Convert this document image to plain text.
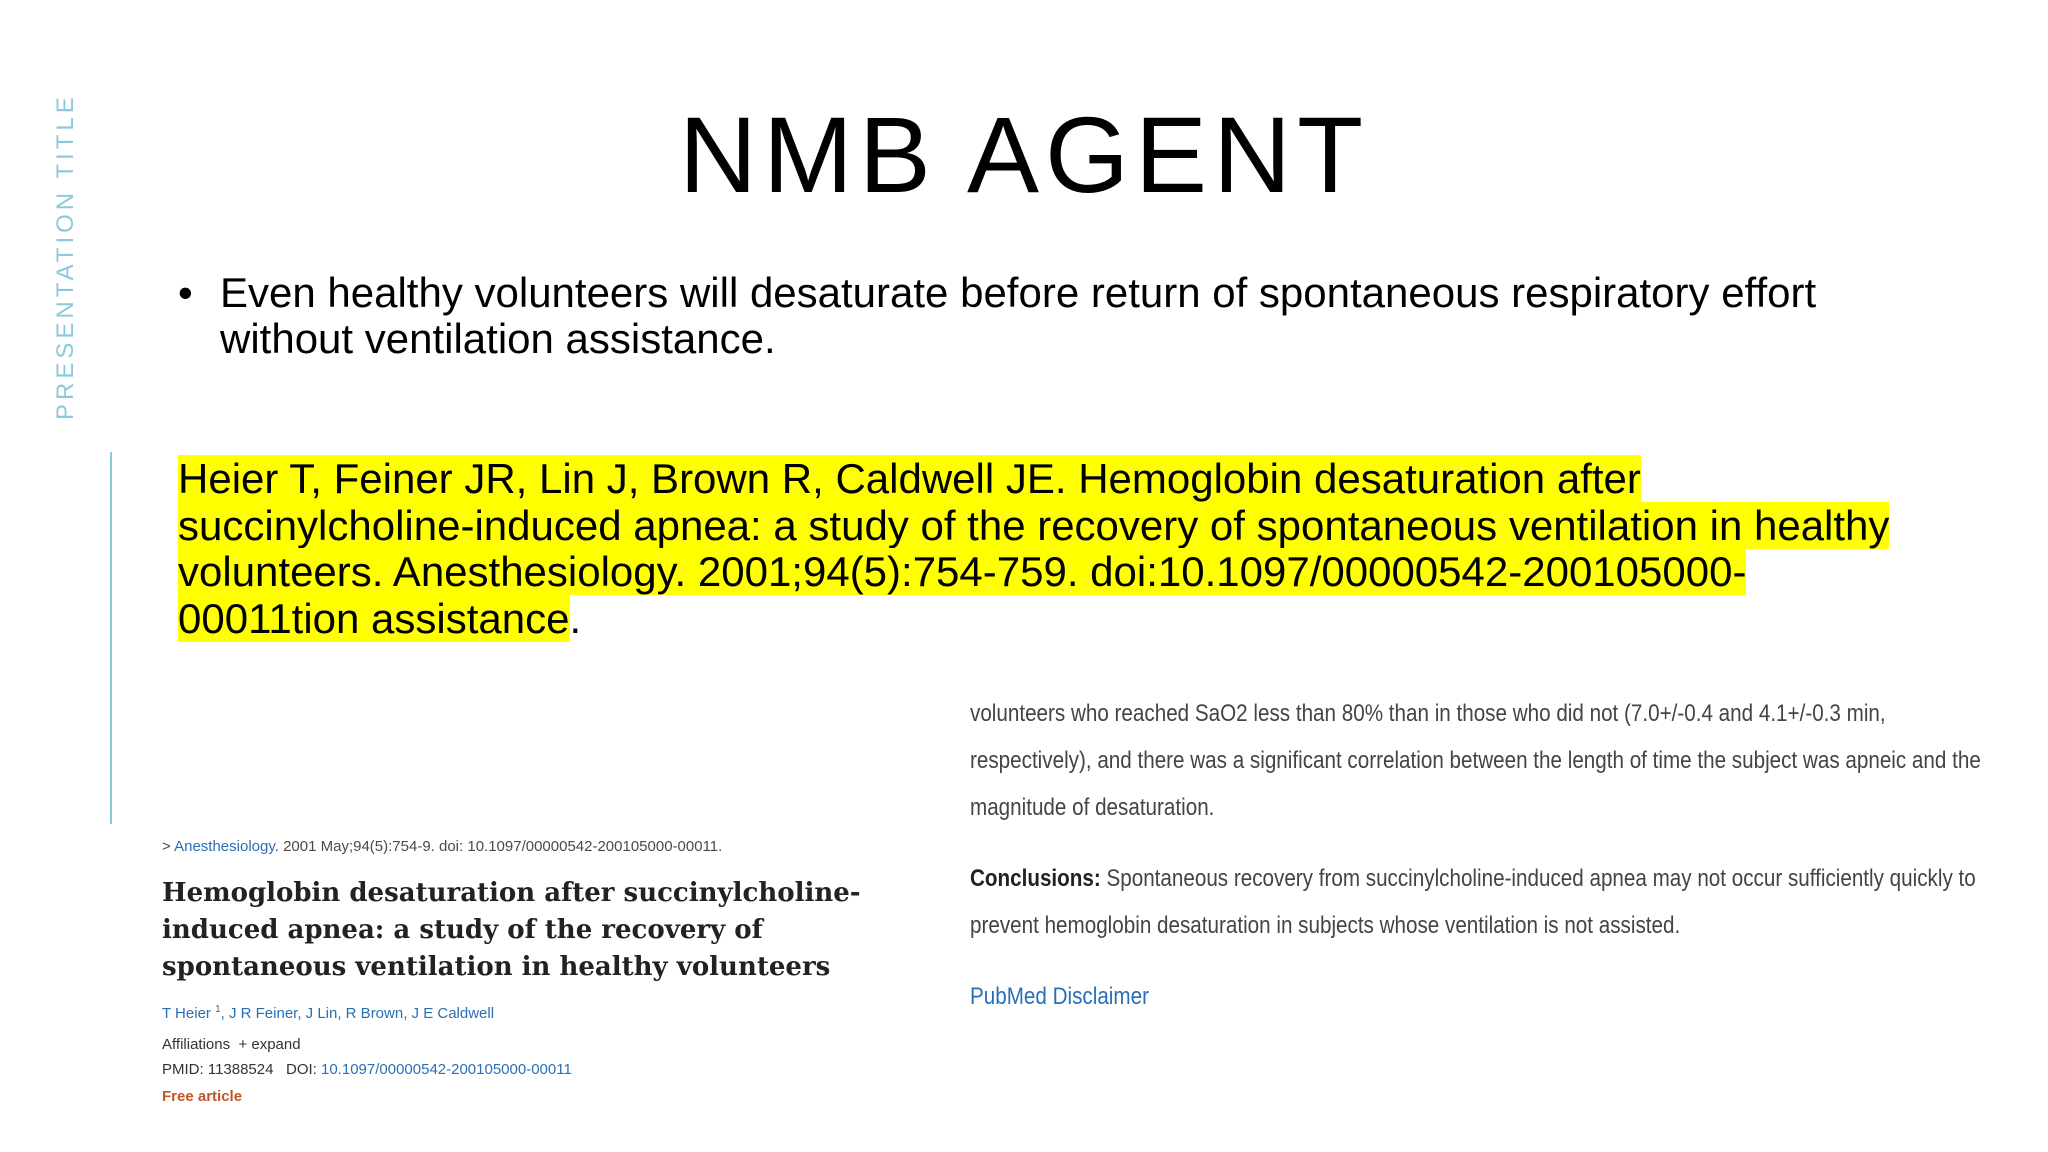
PRESENTATION TITLE	NMB AGENT
• Even healthy volunteers will desaturate before return of spontaneous respiratory effort without ventilation assistance.
Heier T, Feiner JR, Lin J, Brown R, Caldwell JE. Hemoglobin desaturation after succinylcholine-induced apnea: a study of the recovery of spontaneous ventilation in healthy volunteers. Anesthesiology. 2001;94(5):754-759. doi:10.1097/00000542-200105000-00011tion assistance.
> Anesthesiology. 2001 May;94(5):754-9. doi: 10.1097/00000542-200105000-00011.
Hemoglobin desaturation after succinylcholine-induced apnea: a study of the recovery of spontaneous ventilation in healthy volunteers
T Heier $^1$, J R Feiner, J Lin, R Brown, J E Caldwell
Affiliations + expand
PMID: 11388524 DOI: 10.1097/00000542-200105000-00011
Free article
volunteers who reached SaO2 less than 80% than in those who did not (7.0+/-0.4 and 4.1+/-0.3 min, respectively), and there was a significant correlation between the length of time the subject was apneic and the magnitude of desaturation.
Conclusions: Spontaneous recovery from succinylcholine-induced apnea may not occur sufficiently quickly to prevent hemoglobin desaturation in subjects whose ventilation is not assisted.
PubMed Disclaimer
